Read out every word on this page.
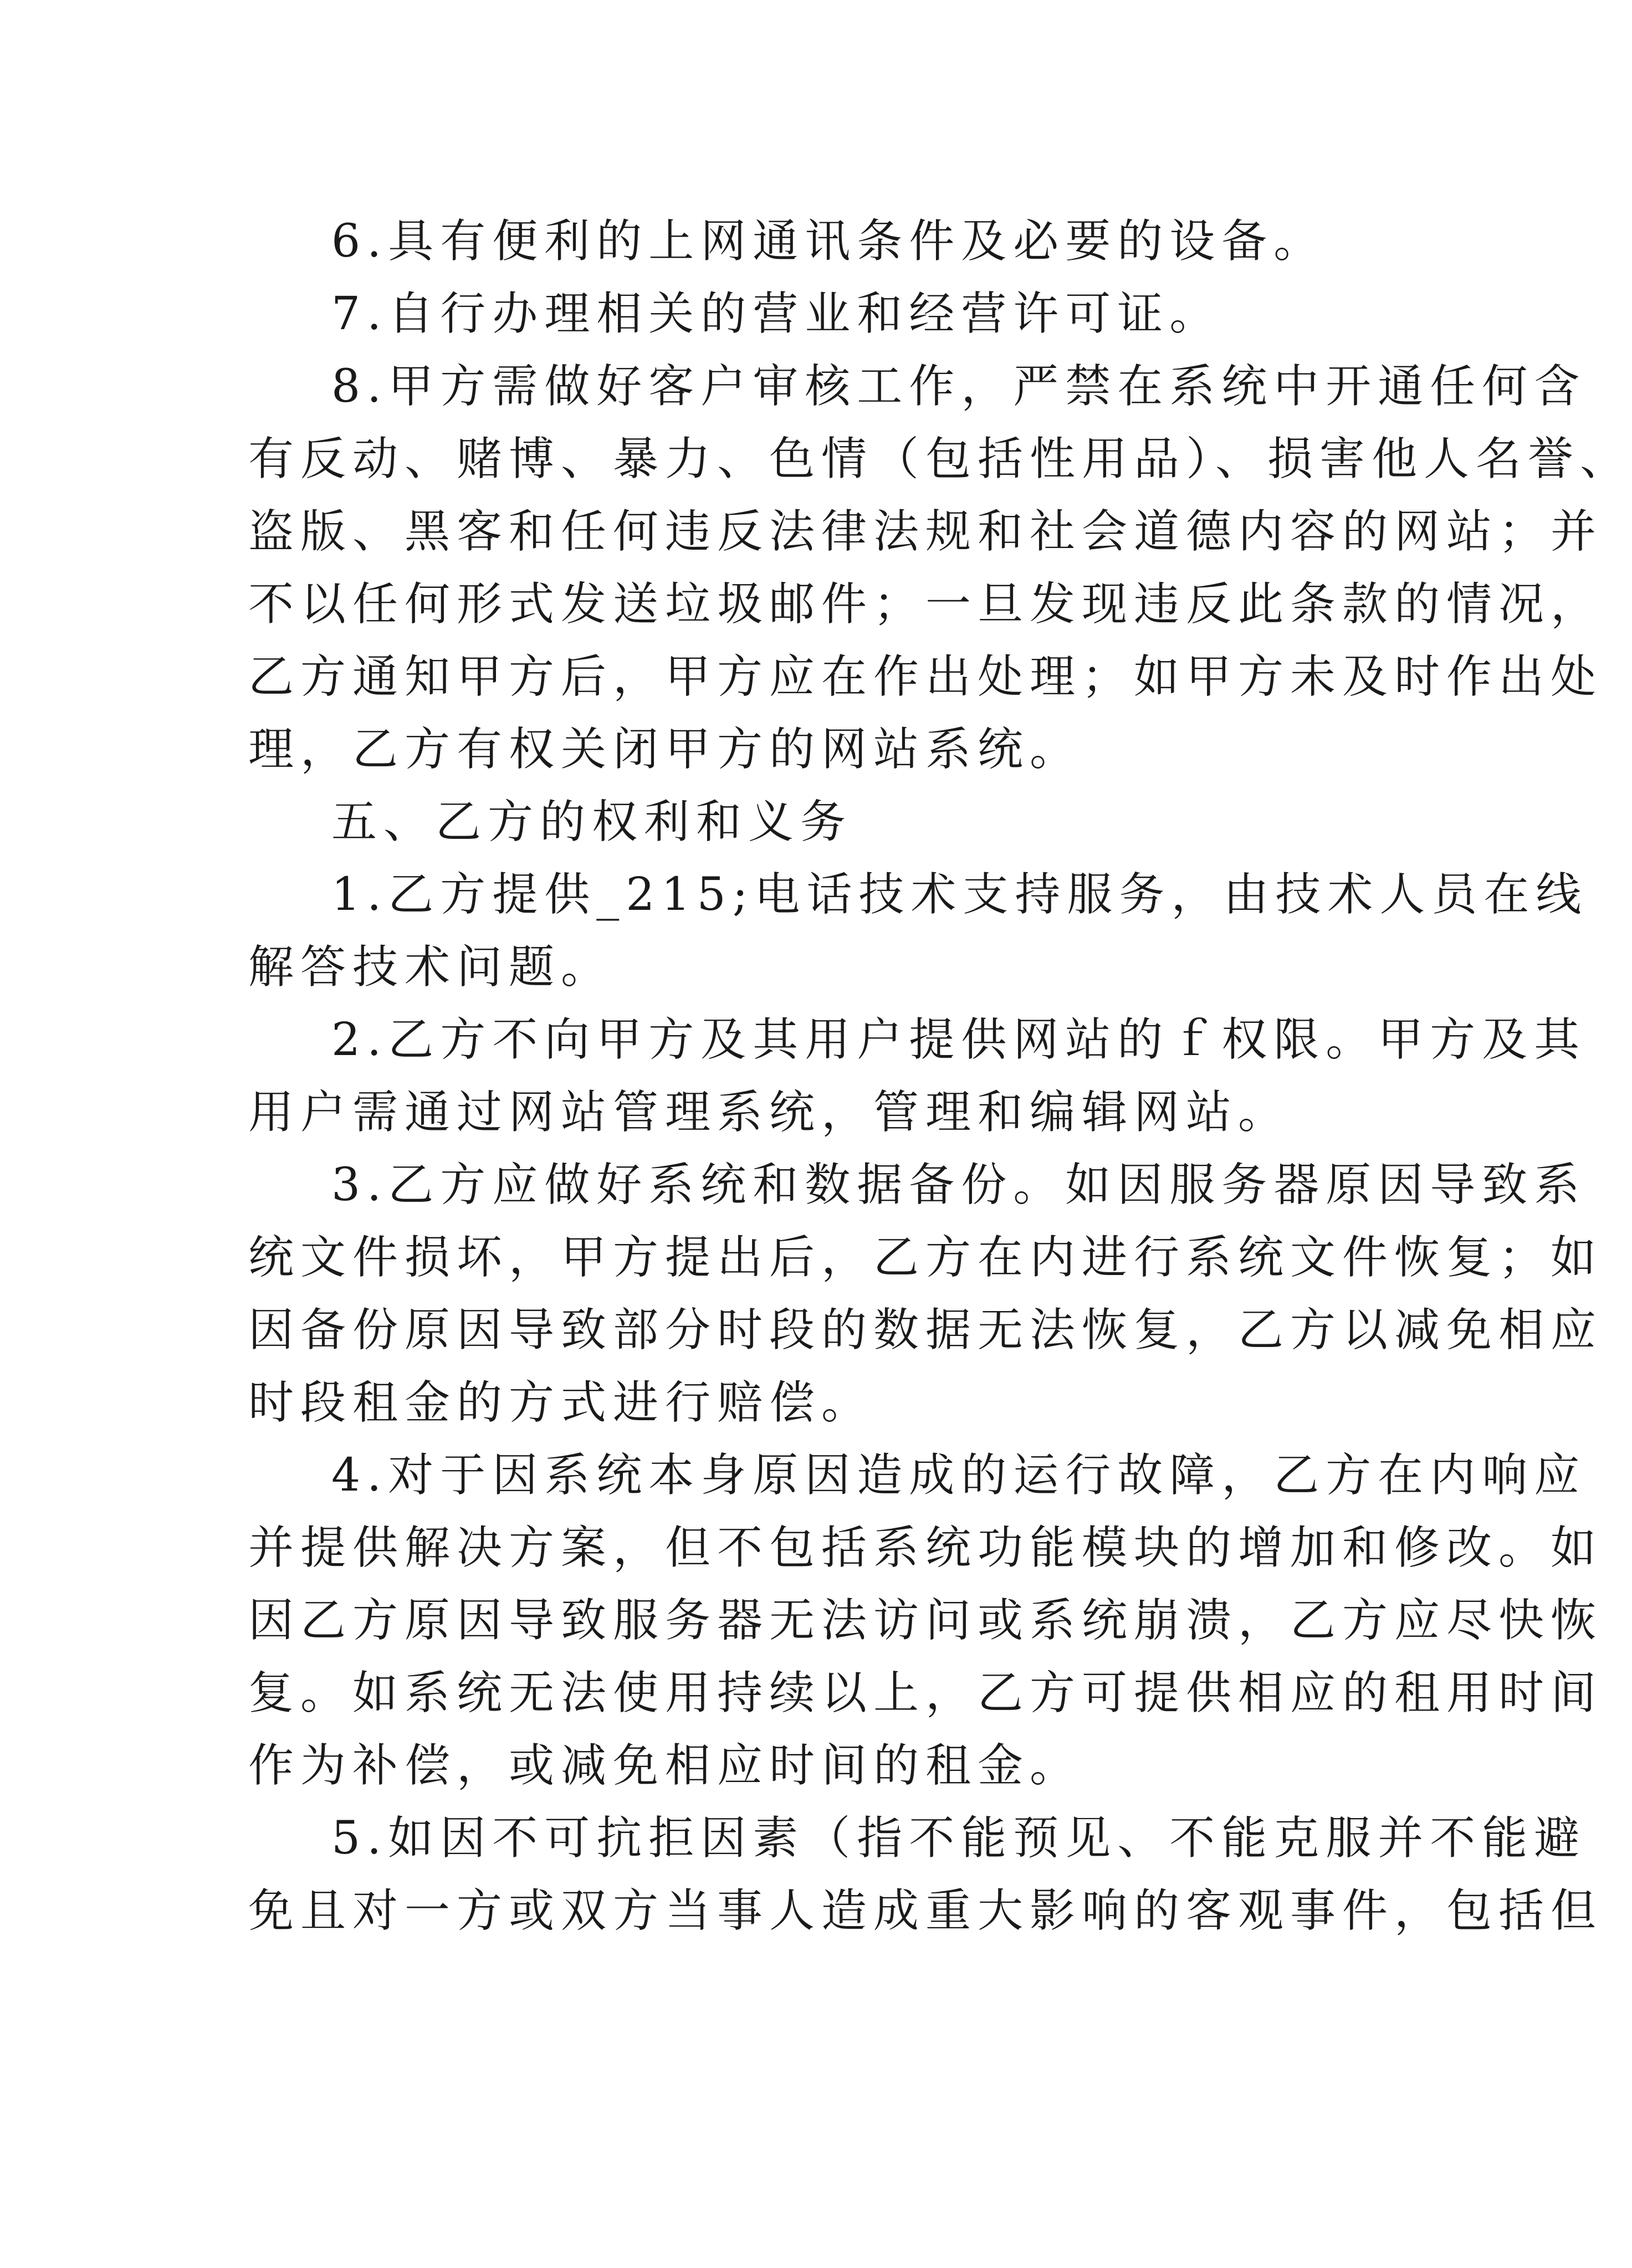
6.具有便利的上网通讯条件及必要的设备。
7.自行办理相关的营业和经营许可证。
8.甲方需做好客户审核工作，严禁在系统中开通任何含
有反动、赌博、暴力、色情（包括性用品）、损害他人名誉、
盗版、黑客和任何违反法律法规和社会道德内容的网站；并
不以任何形式发送垃圾邮件；一旦发现违反此条款的情况，
乙方通知甲方后，甲方应在作出处理；如甲方未及时作出处
理，乙方有权关闭甲方的网站系统。
五、乙方的权利和义务
1.乙方提供_215;电话技术支持服务，由技术人员在线
解答技术问题。
2.乙方不向甲方及其用户提供网站的ｆ权限。甲方及其
用户需通过网站管理系统，管理和编辑网站。
3.乙方应做好系统和数据备份。如因服务器原因导致系
统文件损坏，甲方提出后，乙方在内进行系统文件恢复；如
因备份原因导致部分时段的数据无法恢复，乙方以减免相应
时段租金的方式进行赔偿。
4.对于因系统本身原因造成的运行故障，乙方在内响应
并提供解决方案，但不包括系统功能模块的增加和修改。如
因乙方原因导致服务器无法访问或系统崩溃，乙方应尽快恢
复。如系统无法使用持续以上，乙方可提供相应的租用时间
作为补偿，或减免相应时间的租金。
5.如因不可抗拒因素（指不能预见、不能克服并不能避
免且对一方或双方当事人造成重大影响的客观事件，包括但
